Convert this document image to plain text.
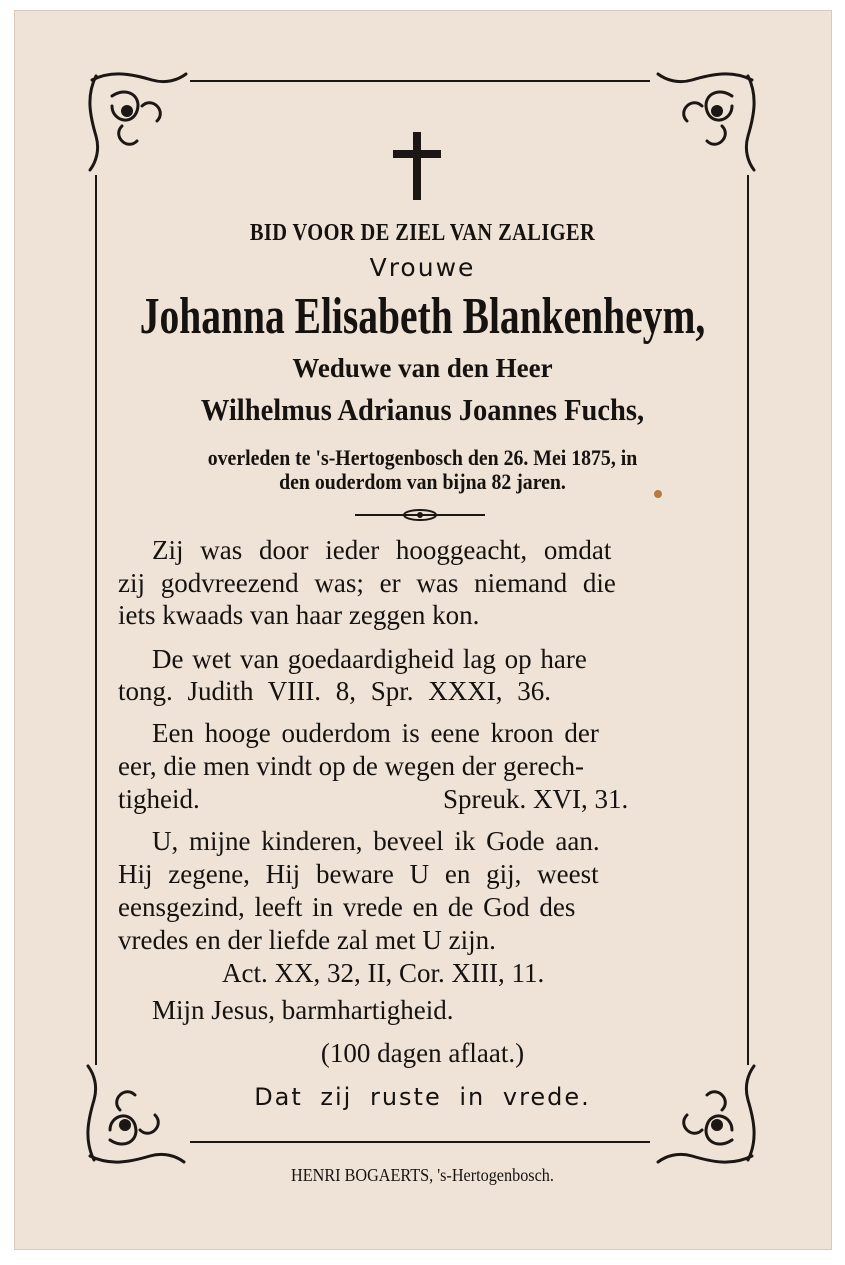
BID VOOR DE ZIEL VAN ZALIGER
Vrouwe
Johanna Elisabeth Blankenheym,
Weduwe van den Heer
Wilhelmus Adrianus Joannes Fuchs,
overleden te 's-Hertogenbosch den 26. Mei 1875, in
den ouderdom van bijna 82 jaren.
Zij was door ieder hooggeacht, omdat
zij godvreezend was; er was niemand die
iets kwaads van haar zeggen kon.
De wet van goedaardigheid lag op hare
tong. Judith VIII. 8, Spr. XXXI, 36.
Een hooge ouderdom is eene kroon der
eer, die men vindt op de wegen der gerech-
tigheid.	Spreuk. XVI, 31.
U, mijne kinderen, beveel ik Gode aan.
Hij zegene, Hij beware U en gij, weest
eensgezind, leeft in vrede en de God des
vredes en der liefde zal met U zijn.
Act. XX, 32, II, Cor. XIII, 11.
Mijn Jesus, barmhartigheid.
(100 dagen aflaat.)
Dat zij ruste in vrede.
HENRI BOGAERTS, 's-Hertogenbosch.
